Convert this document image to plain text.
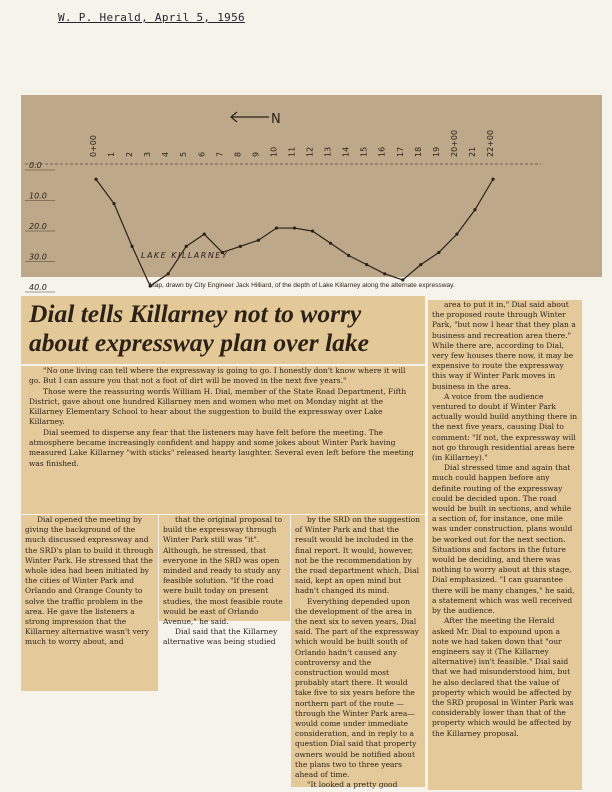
W. P. Herald, April 5, 1956
N
0.0
10.0
20.0
30.0
40.0
0+00 1 2 3 4 5 6 7 8 9 10 11 12 13 14 15 16 17 18 19 20+00 21 22+00
LAKE KILLARNEY
Map, drawn by City Engineer Jack Hilliard, of the depth of Lake Killarney along the alternate expressway.
Dial tells Killarney not to worry
about expressway plan over lake

"No one living can tell where the expressway is going to go. I honestly don't know where it will go. But I can assure you that not a foot of dirt will be moved in the next five years."

Those were the reassuring words William H. Dial, member of the State Road Department, Fifth District, gave about one hundred Killarney men and women who met on Monday night at the Killarney Elementary School to hear about the suggestion to build the expressway over Lake Killarney.

Dial seemed to disperse any fear that the listeners may have felt before the meeting. The atmosphere became increasingly confident and happy and some jokes about Winter Park having measured Lake Killarney "with sticks" released hearty laughter. Several even left before the meeting was finished.

Dial opened the meeting by giving the background of the much discussed expressway and the SRD's plan to build it through Winter Park. He stressed that the whole idea had been initiated by the cities of Winter Park and Orlando and Orange County to solve the traffic problem in the area. He gave the listeners a strong impression that the Killarney alternative wasn't very much to worry about, and

that the original proposal to build the expressway through Winter Park still was "it". Although, he stressed, that everyone in the SRD was open minded and ready to study any feasible solution. "If the road were built today on present studies, the most feasible route would be east of Orlando Avenue," he said.

Dial said that the Killarney alternative was being studied

by the SRD on the suggestion of Winter Park and that the result would be included in the final report. It would, however, not be the recommendation by the road department which, Dial said, kept an open mind but hadn't changed its mind.

Everything depended upon the development of the area in the next six to seven years, Dial said. The part of the expressway which would be built south of Orlando hadn't caused any controversy and the construction would most probably start there. It would take five to six years before the northern part of the route —through the Winter Park area—would come under immediate consideration, and in reply to a question Dial said that property owners would be notified about the plans two to three years ahead of time.

"It looked a pretty good

area to put it in," Dial said about the proposed route through Winter Park, "but now I hear that they plan a business and recreation area there." While there are, according to Dial, very few houses there now, it may be expensive to route the expressway this way if Winter Park moves in business in the area.

A voice from the audience ventured to doubt if Winter Park actually would build anything there in the next five years, causing Dial to comment: "If not, the expressway will not go through residential areas here (in Killarney)."

Dial stressed time and again that much could happen before any definite routing of the expressway could be decided upon. The road would be built in sections, and while a section of, for instance, one mile was under construction, plans would be worked out for the next section. Situations and factors in the future would be deciding, and there was nothing to worry about at this stage, Dial emphasized. "I can guarantee there will be many changes," he said, a statement which was well received by the audience.

After the meeting the Herald asked Mr. Dial to expound upon a note we had taken down that "our engineers say it (The Killarney alternative) isn't feasible." Dial said that we had misunderstood him, but he also declared that the value of property which would be affected by the SRD proposal in Winter Park was considerably lower than that of the property which would be affected by the Killarney proposal.
